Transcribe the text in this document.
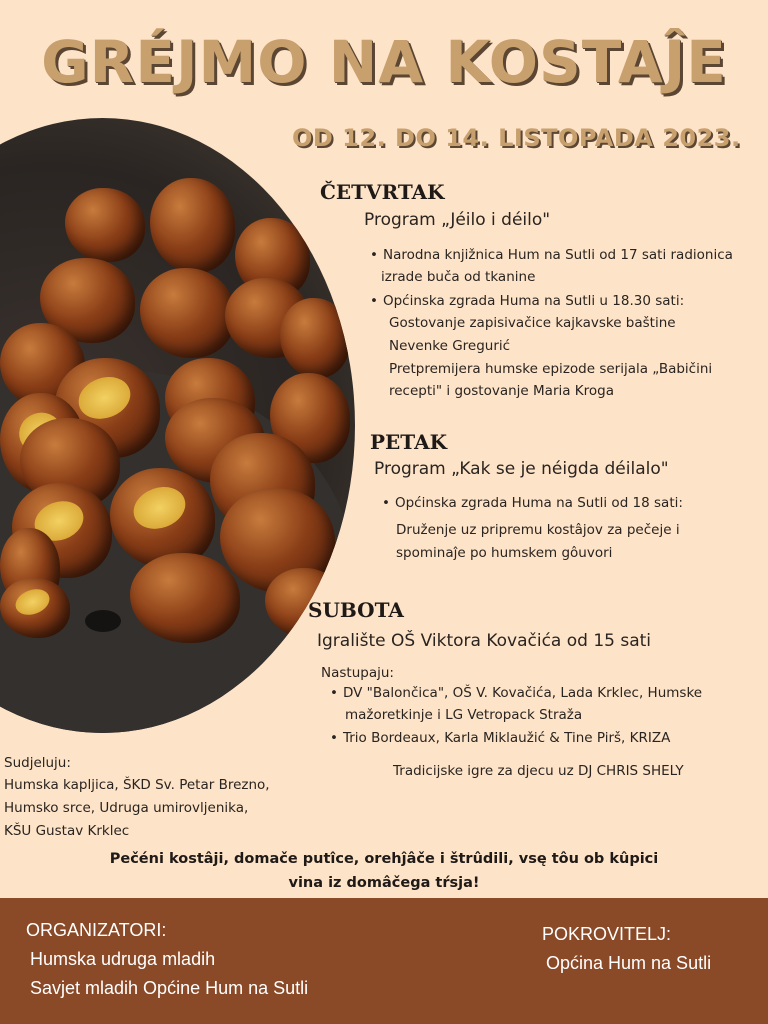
GRÉJMO NA KOSTAĴE
OD 12. DO 14. LISTOPADA 2023.
ČETVRTAK
Program „Jéilo i déilo"
• Narodna knjižnica Hum na Sutli od 17 sati radionica
izrade buča od tkanine
• Općinska zgrada Huma na Sutli u 18.30 sati:
Gostovanje zapisivačice kajkavske baštine
Nevenke Gregurić
Pretpremijera humske epizode serijala „Babičini
recepti" i gostovanje Maria Kroga
PETAK
Program „Kak se je néigda déilalo"
• Općinska zgrada Huma na Sutli od 18 sati:
Druženje uz pripremu kostâjov za pečeje i
spominaĵe po humskem gôuvori
SUBOTA
Igralište OŠ Viktora Kovačića od 15 sati
Nastupaju:
• DV "Balončica", OŠ V. Kovačića, Lada Krklec, Humske
mažoretkinje i LG Vetropack Straža
• Trio Bordeaux, Karla Miklaužić & Tine Pirš, KRIZA
Tradicijske igre za djecu uz DJ CHRIS SHELY
Sudjeluju:
Humska kapljica, ŠKD Sv. Petar Brezno,
Humsko srce, Udruga umirovljenika,
KŠU Gustav Krklec
Pečéni kostâji, domače putîce, orehĵâče i štrûdili, vsę tôu ob kûpici
vina iz domâčega tŕsja!
ORGANIZATORI:
Humska udruga mladih
Savjet mladih Općine Hum na Sutli
POKROVITELJ:
Općina Hum na Sutli
